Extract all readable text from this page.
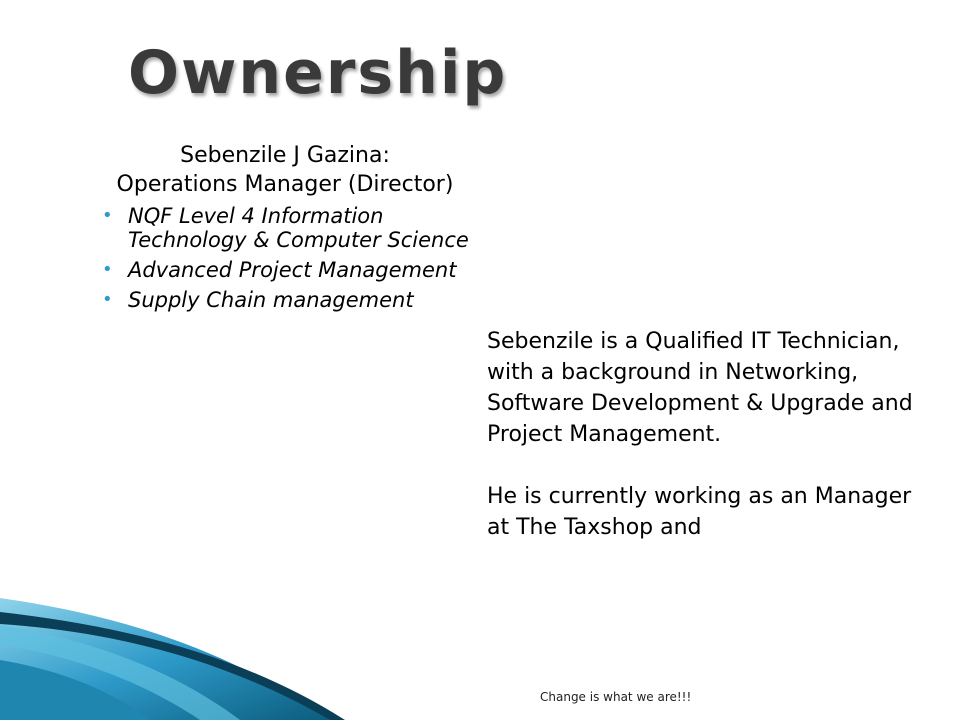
Ownership
Sebenzile J Gazina:
Operations Manager (Director)
• NQF Level 4 Information Technology & Computer Science
• Advanced Project Management
• Supply Chain management

Sebenzile is a Qualified IT Technician, with a background in Networking, Software Development & Upgrade and Project Management.

He is currently working as an Manager at The Taxshop and

Change is what we are!!!
